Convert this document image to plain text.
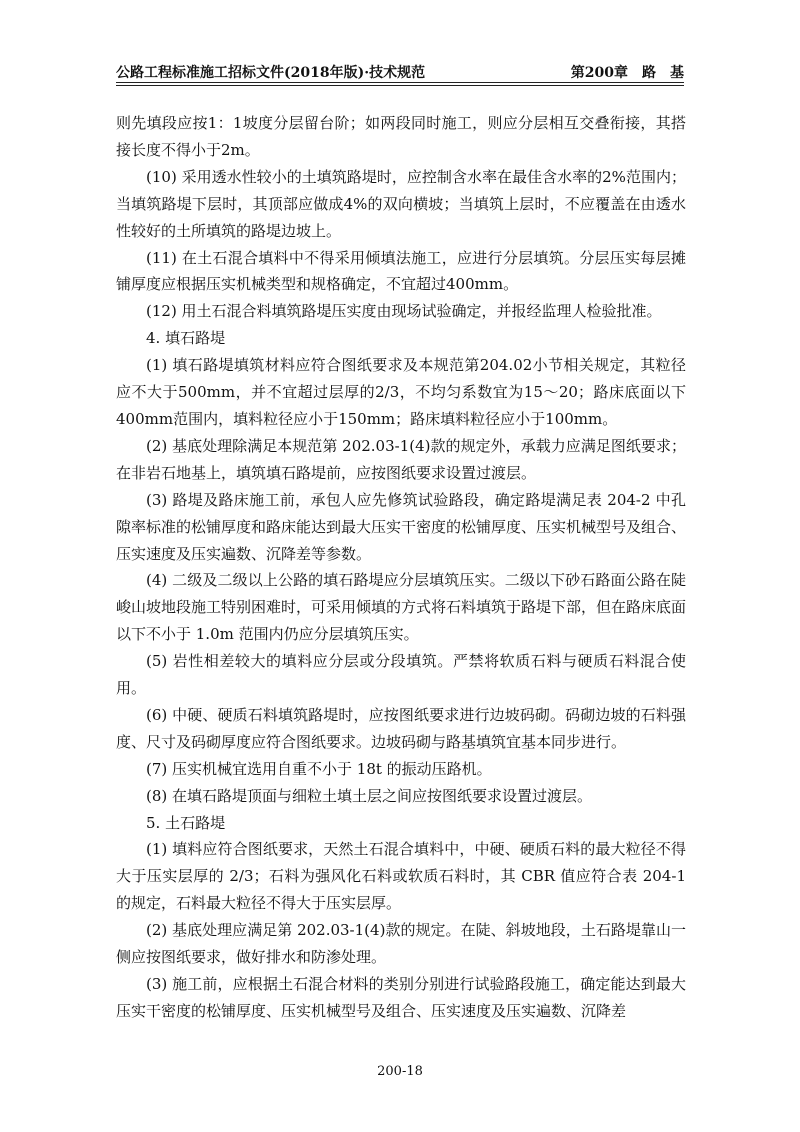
公路工程标准施工招标文件(2018年版)·技术规范	第200章　路　基

则先填段应按1：1坡度分层留台阶；如两段同时施工，则应分层相互交叠衔接，其搭接长度不得小于2m。

(10) 采用透水性较小的土填筑路堤时，应控制含水率在最佳含水率的2%范围内；当填筑路堤下层时，其顶部应做成4%的双向横坡；当填筑上层时，不应覆盖在由透水性较好的土所填筑的路堤边坡上。

(11) 在土石混合填料中不得采用倾填法施工，应进行分层填筑。分层压实每层摊铺厚度应根据压实机械类型和规格确定，不宜超过400mm。

(12) 用土石混合料填筑路堤压实度由现场试验确定，并报经监理人检验批准。

4. 填石路堤

(1) 填石路堤填筑材料应符合图纸要求及本规范第204.02小节相关规定，其粒径应不大于500mm，并不宜超过层厚的2/3，不均匀系数宜为15～20；路床底面以下400mm范围内，填料粒径应小于150mm；路床填料粒径应小于100mm。

(2) 基底处理除满足本规范第 202.03-1(4)款的规定外，承载力应满足图纸要求；在非岩石地基上，填筑填石路堤前，应按图纸要求设置过渡层。

(3) 路堤及路床施工前，承包人应先修筑试验路段，确定路堤满足表 204-2 中孔隙率标准的松铺厚度和路床能达到最大压实干密度的松铺厚度、压实机械型号及组合、压实速度及压实遍数、沉降差等参数。

(4) 二级及二级以上公路的填石路堤应分层填筑压实。二级以下砂石路面公路在陡峻山坡地段施工特别困难时，可采用倾填的方式将石料填筑于路堤下部，但在路床底面以下不小于 1.0m 范围内仍应分层填筑压实。

(5) 岩性相差较大的填料应分层或分段填筑。严禁将软质石料与硬质石料混合使用。

(6) 中硬、硬质石料填筑路堤时，应按图纸要求进行边坡码砌。码砌边坡的石料强度、尺寸及码砌厚度应符合图纸要求。边坡码砌与路基填筑宜基本同步进行。

(7) 压实机械宜选用自重不小于 18t 的振动压路机。

(8) 在填石路堤顶面与细粒土填土层之间应按图纸要求设置过渡层。

5. 土石路堤

(1) 填料应符合图纸要求，天然土石混合填料中，中硬、硬质石料的最大粒径不得大于压实层厚的 2/3；石料为强风化石料或软质石料时，其 CBR 值应符合表 204-1 的规定，石料最大粒径不得大于压实层厚。

(2) 基底处理应满足第 202.03-1(4)款的规定。在陡、斜坡地段，土石路堤靠山一侧应按图纸要求，做好排水和防渗处理。

(3) 施工前，应根据土石混合材料的类别分别进行试验路段施工，确定能达到最大压实干密度的松铺厚度、压实机械型号及组合、压实速度及压实遍数、沉降差

200-18
